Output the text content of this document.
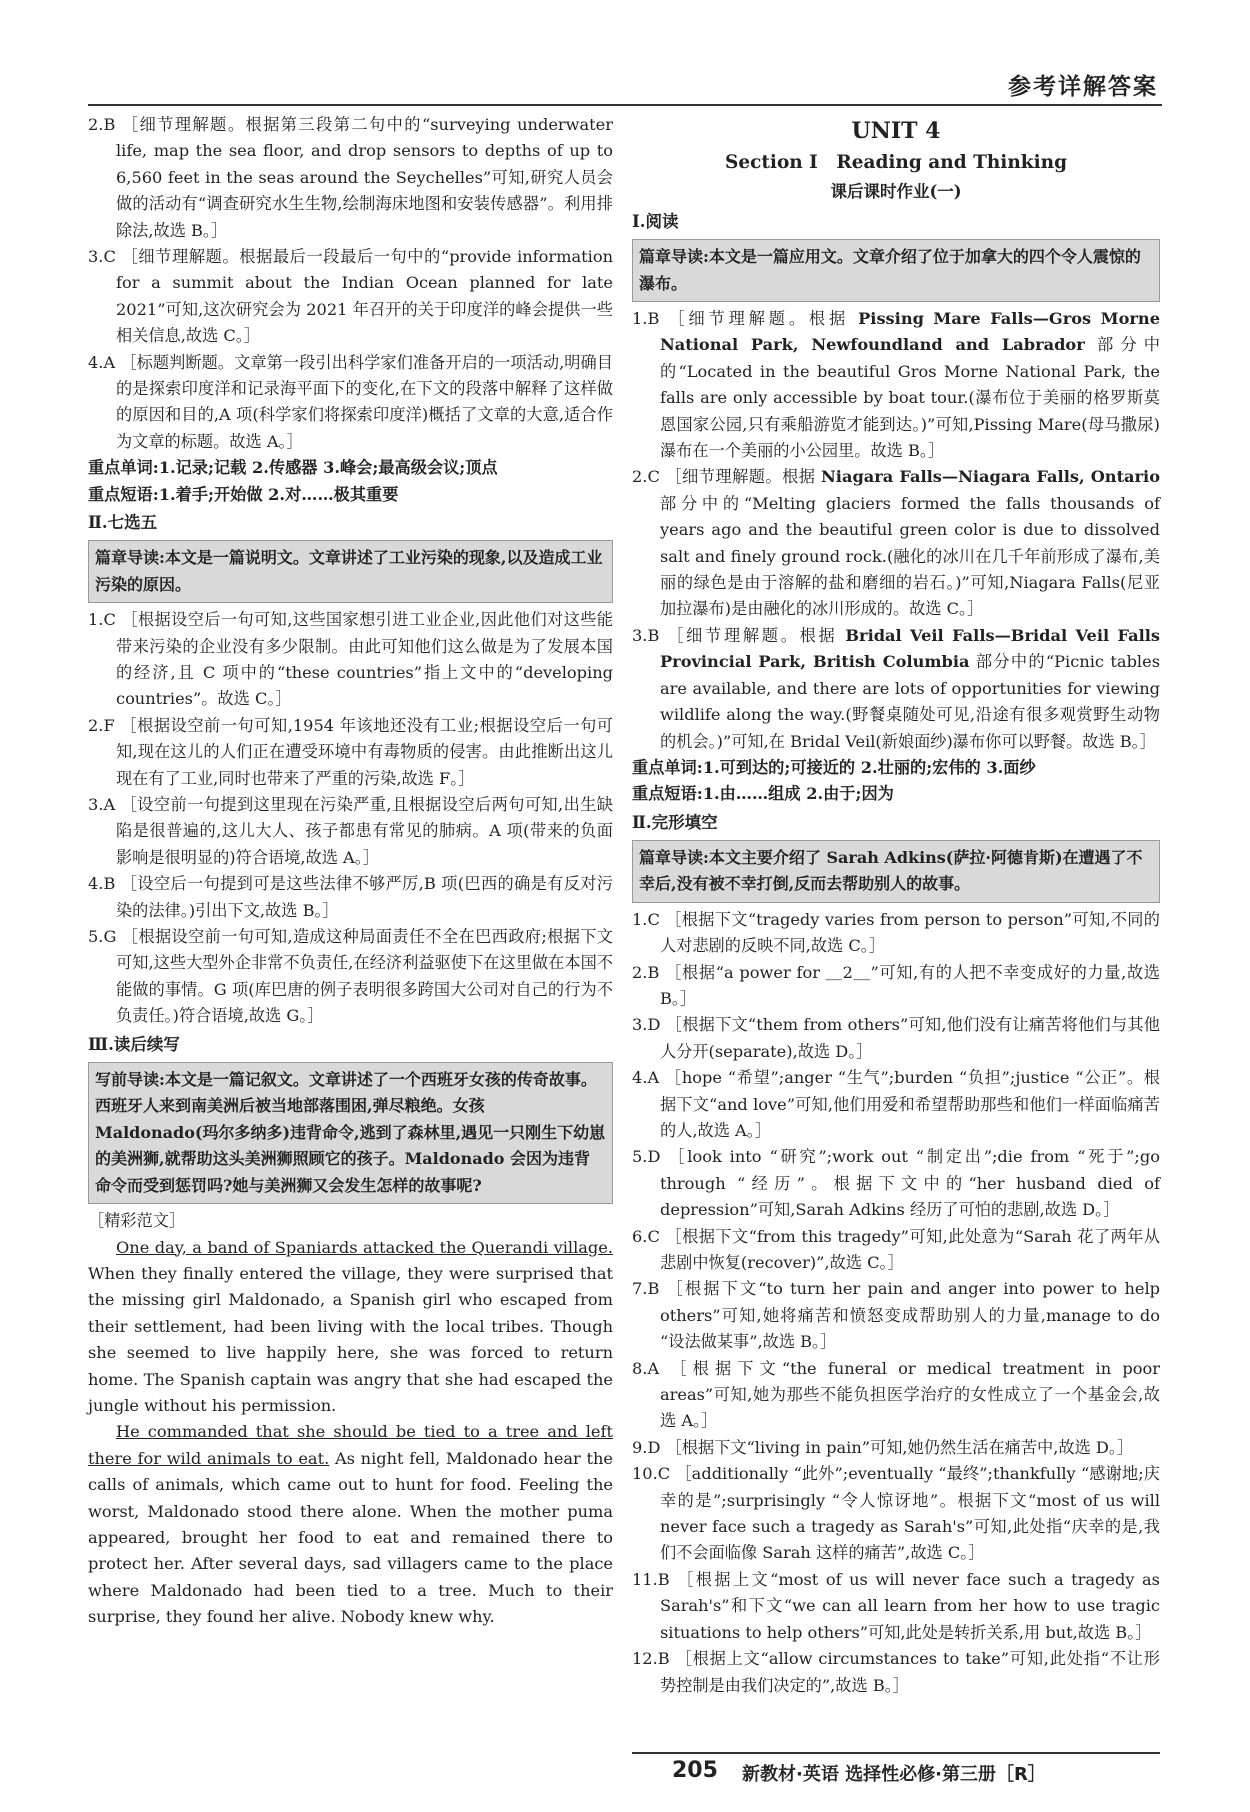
参考详解答案

2.B ［细节理解题。根据第三段第二句中的“surveying underwater life, map the sea floor, and drop sensors to depths of up to 6,560 feet in the seas around the Seychelles”可知,研究人员会做的活动有“调查研究水生生物,绘制海床地图和安装传感器”。利用排除法,故选 B。］

3.C ［细节理解题。根据最后一段最后一句中的“provide information for a summit about the Indian Ocean planned for late 2021”可知,这次研究会为 2021 年召开的关于印度洋的峰会提供一些相关信息,故选 C。］

4.A ［标题判断题。文章第一段引出科学家们准备开启的一项活动,明确目的是探索印度洋和记录海平面下的变化,在下文的段落中解释了这样做的原因和目的,A 项(科学家们将探索印度洋)概括了文章的大意,适合作为文章的标题。故选 A。］

重点单词:1.记录;记载 2.传感器 3.峰会;最高级会议;顶点

重点短语:1.着手;开始做 2.对……极其重要

Ⅱ.七选五
篇章导读:本文是一篇说明文。文章讲述了工业污染的现象,以及造成工业污染的原因。

1.C ［根据设空后一句可知,这些国家想引进工业企业,因此他们对这些能带来污染的企业没有多少限制。由此可知他们这么做是为了发展本国的经济,且 C 项中的“these countries”指上文中的“developing countries”。故选 C。］

2.F ［根据设空前一句可知,1954 年该地还没有工业;根据设空后一句可知,现在这儿的人们正在遭受环境中有毒物质的侵害。由此推断出这儿现在有了工业,同时也带来了严重的污染,故选 F。］

3.A ［设空前一句提到这里现在污染严重,且根据设空后两句可知,出生缺陷是很普遍的,这儿大人、孩子都患有常见的肺病。A 项(带来的负面影响是很明显的)符合语境,故选 A。］

4.B ［设空后一句提到可是这些法律不够严厉,B 项(巴西的确是有反对污染的法律。)引出下文,故选 B。］

5.G ［根据设空前一句可知,造成这种局面责任不全在巴西政府;根据下文可知,这些大型外企非常不负责任,在经济利益驱使下在这里做在本国不能做的事情。G 项(库巴唐的例子表明很多跨国大公司对自己的行为不负责任。)符合语境,故选 G。］

Ⅲ.读后续写
写前导读:本文是一篇记叙文。文章讲述了一个西班牙女孩的传奇故事。西班牙人来到南美洲后被当地部落围困,弹尽粮绝。女孩 Maldonado(玛尔多纳多)违背命令,逃到了森林里,遇见一只刚生下幼崽的美洲狮,就帮助这头美洲狮照顾它的孩子。Maldonado 会因为违背命令而受到惩罚吗?她与美洲狮又会发生怎样的故事呢?

［精彩范文］

One day, a band of Spaniards attacked the Querandi village. When they finally entered the village, they were surprised that the missing girl Maldonado, a Spanish girl who escaped from their settlement, had been living with the local tribes. Though she seemed to live happily here, she was forced to return home. The Spanish captain was angry that she had escaped the jungle without his permission.

He commanded that she should be tied to a tree and left there for wild animals to eat. As night fell, Maldonado hear the calls of animals, which came out to hunt for food. Feeling the worst, Maldonado stood there alone. When the mother puma appeared, brought her food to eat and remained there to protect her. After several days, sad villagers came to the place where Maldonado had been tied to a tree. Much to their surprise, they found her alive. Nobody knew why.

UNIT 4
Section Ⅰ　Reading and Thinking
课后课时作业(一)
Ⅰ.阅读
篇章导读:本文是一篇应用文。文章介绍了位于加拿大的四个令人震惊的瀑布。

1.B ［细节理解题。根据 Pissing Mare Falls—Gros Morne National Park, Newfoundland and Labrador 部分中的“Located in the beautiful Gros Morne National Park, the falls are only accessible by boat tour.(瀑布位于美丽的格罗斯莫恩国家公园,只有乘船游览才能到达。)”可知,Pissing Mare(母马撒尿)瀑布在一个美丽的小公园里。故选 B。］

2.C ［细节理解题。根据 Niagara Falls—Niagara Falls, Ontario 部分中的“Melting glaciers formed the falls thousands of years ago and the beautiful green color is due to dissolved salt and finely ground rock.(融化的冰川在几千年前形成了瀑布,美丽的绿色是由于溶解的盐和磨细的岩石。)”可知,Niagara Falls(尼亚加拉瀑布)是由融化的冰川形成的。故选 C。］

3.B ［细节理解题。根据 Bridal Veil Falls—Bridal Veil Falls Provincial Park, British Columbia 部分中的“Picnic tables are available, and there are lots of opportunities for viewing wildlife along the way.(野餐桌随处可见,沿途有很多观赏野生动物的机会。)”可知,在 Bridal Veil(新娘面纱)瀑布你可以野餐。故选 B。］

重点单词:1.可到达的;可接近的 2.壮丽的;宏伟的 3.面纱

重点短语:1.由……组成 2.由于;因为

Ⅱ.完形填空
篇章导读:本文主要介绍了 Sarah Adkins(萨拉·阿德肯斯)在遭遇了不幸后,没有被不幸打倒,反而去帮助别人的故事。

1.C ［根据下文“tragedy varies from person to person”可知,不同的人对悲剧的反映不同,故选 C。］

2.B ［根据“a power for ＿2＿”可知,有的人把不幸变成好的力量,故选 B。］

3.D ［根据下文“them from others”可知,他们没有让痛苦将他们与其他人分开(separate),故选 D。］

4.A ［hope “希望”;anger “生气”;burden “负担”;justice “公正”。根据下文“and love”可知,他们用爱和希望帮助那些和他们一样面临痛苦的人,故选 A。］

5.D ［look into “研究”;work out “制定出”;die from “死于”;go through “经历”。根据下文中的“her husband died of depression”可知,Sarah Adkins 经历了可怕的悲剧,故选 D。］

6.C ［根据下文“from this tragedy”可知,此处意为“Sarah 花了两年从悲剧中恢复(recover)”,故选 C。］

7.B ［根据下文“to turn her pain and anger into power to help others”可知,她将痛苦和愤怒变成帮助别人的力量,manage to do “设法做某事”,故选 B。］

8.A ［根据下文“the funeral or medical treatment in poor areas”可知,她为那些不能负担医学治疗的女性成立了一个基金会,故选 A。］

9.D ［根据下文“living in pain”可知,她仍然生活在痛苦中,故选 D。］

10.C ［additionally “此外”;eventually “最终”;thankfully “感谢地;庆幸的是”;surprisingly “令人惊讶地”。根据下文“most of us will never face such a tragedy as Sarah's”可知,此处指“庆幸的是,我们不会面临像 Sarah 这样的痛苦”,故选 C。］

11.B ［根据上文“most of us will never face such a tragedy as Sarah's”和下文“we can all learn from her how to use tragic situations to help others”可知,此处是转折关系,用 but,故选 B。］

12.B ［根据上文“allow circumstances to take”可知,此处指“不让形势控制是由我们决定的”,故选 B。］

205 新教材·英语 选择性必修·第三册［R］
